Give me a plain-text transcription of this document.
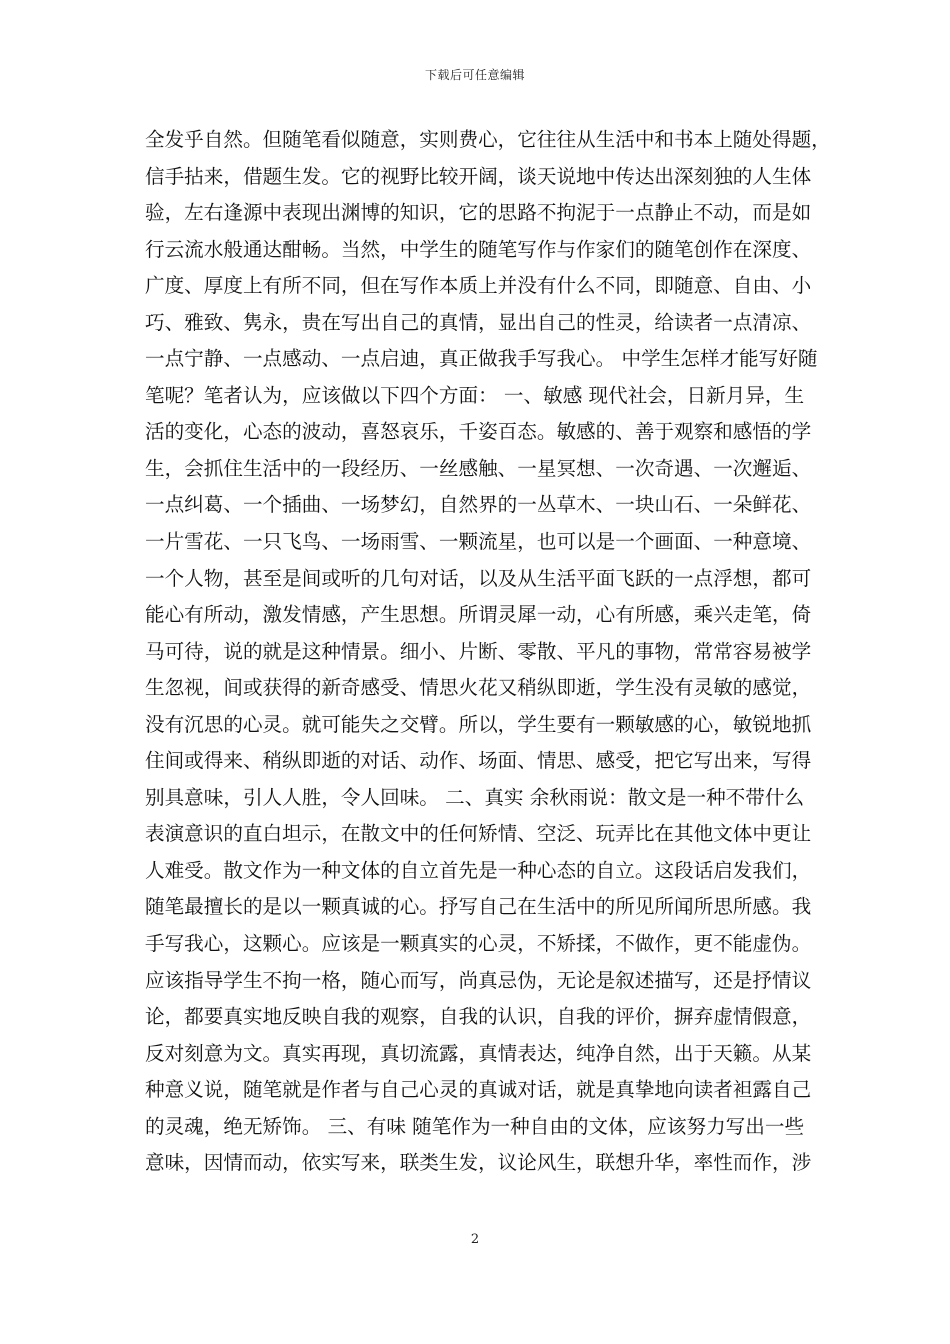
下载后可任意编辑
全发乎自然。但随笔看似随意，实则费心，它往往从生活中和书本上随处得题，
信手拈来，借题生发。它的视野比较开阔，谈天说地中传达出深刻独的人生体
验，左右逢源中表现出渊博的知识，它的思路不拘泥于一点静止不动，而是如
行云流水般通达酣畅。当然，中学生的随笔写作与作家们的随笔创作在深度、
广度、厚度上有所不同，但在写作本质上并没有什么不同，即随意、自由、小
巧、雅致、隽永，贵在写出自己的真情，显出自己的性灵，给读者一点清凉、
一点宁静、一点感动、一点启迪，真正做我手写我心。 中学生怎样才能写好随
笔呢？笔者认为，应该做以下四个方面： 一、敏感 现代社会，日新月异，生
活的变化，心态的波动，喜怒哀乐，千姿百态。敏感的、善于观察和感悟的学
生，会抓住生活中的一段经历、一丝感触、一星冥想、一次奇遇、一次邂逅、
一点纠葛、一个插曲、一场梦幻，自然界的一丛草木、一块山石、一朵鲜花、
一片雪花、一只飞鸟、一场雨雪、一颗流星，也可以是一个画面、一种意境、
一个人物，甚至是间或听的几句对话，以及从生活平面飞跃的一点浮想，都可
能心有所动，激发情感，产生思想。所谓灵犀一动，心有所感，乘兴走笔，倚
马可待，说的就是这种情景。细小、片断、零散、平凡的事物，常常容易被学
生忽视，间或获得的新奇感受、情思火花又稍纵即逝，学生没有灵敏的感觉，
没有沉思的心灵。就可能失之交臂。所以，学生要有一颗敏感的心，敏锐地抓
住间或得来、稍纵即逝的对话、动作、场面、情思、感受，把它写出来，写得
别具意味，引人人胜，令人回味。 二、真实 余秋雨说：散文是一种不带什么
表演意识的直白坦示，在散文中的任何矫情、空泛、玩弄比在其他文体中更让
人难受。散文作为一种文体的自立首先是一种心态的自立。这段话启发我们，
随笔最擅长的是以一颗真诚的心。抒写自己在生活中的所见所闻所思所感。我
手写我心，这颗心。应该是一颗真实的心灵，不矫揉，不做作，更不能虚伪。
应该指导学生不拘一格，随心而写，尚真忌伪，无论是叙述描写，还是抒情议
论，都要真实地反映自我的观察，自我的认识，自我的评价，摒弃虚情假意，
反对刻意为文。真实再现，真切流露，真情表达，纯净自然，出于天籁。从某
种意义说，随笔就是作者与自己心灵的真诚对话，就是真挚地向读者袒露自己
的灵魂，绝无矫饰。 三、有味 随笔作为一种自由的文体，应该努力写出一些
意味，因情而动，依实写来，联类生发，议论风生，联想升华，率性而作，涉
2
